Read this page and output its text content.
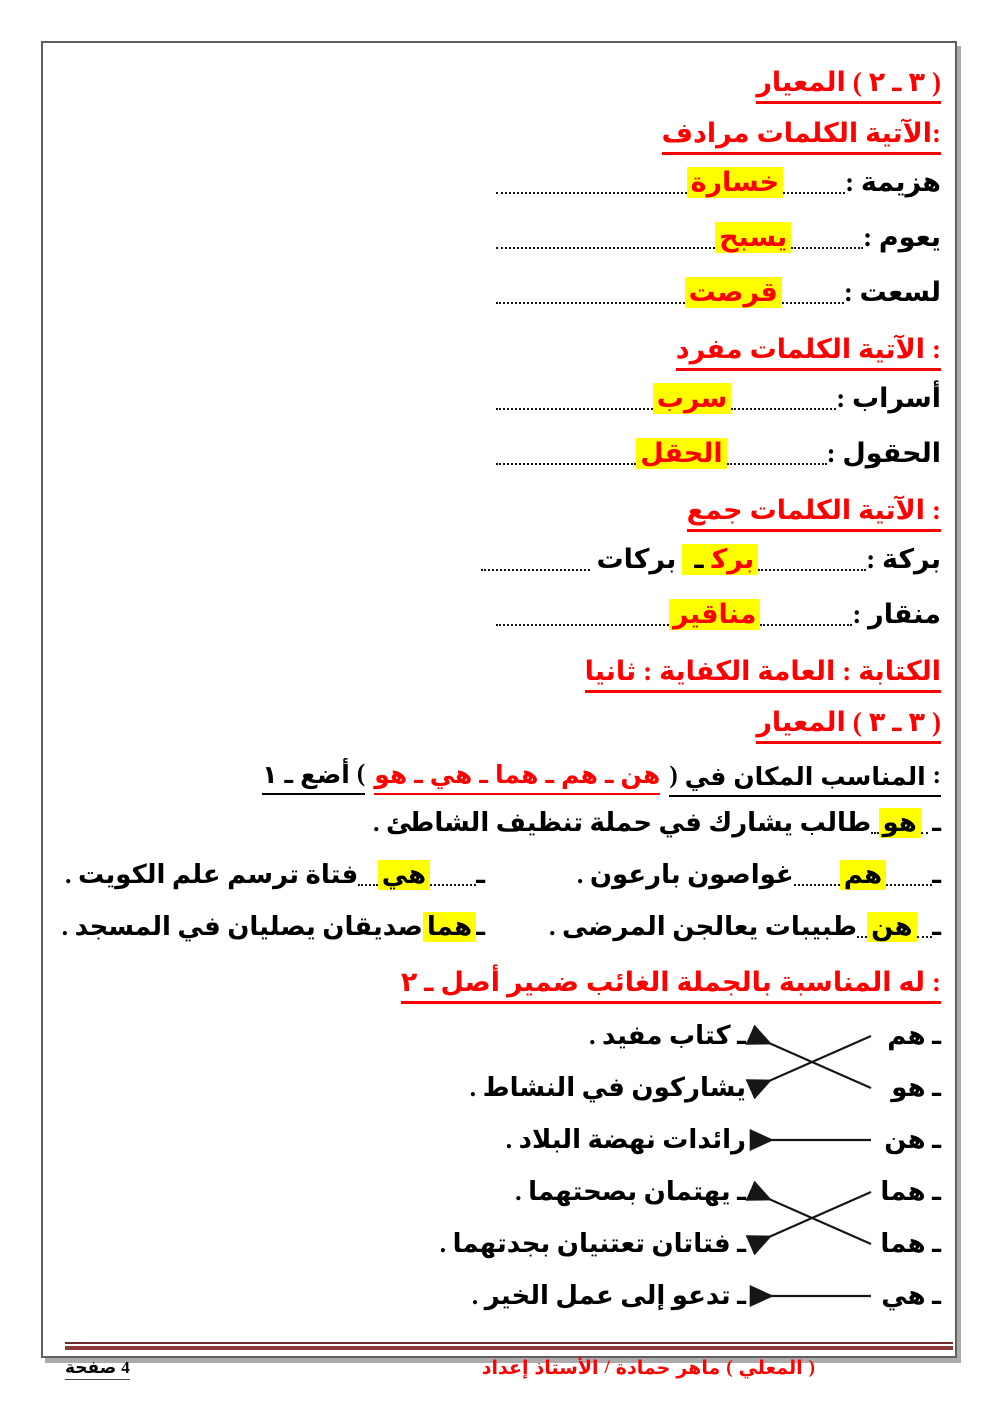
المعيار ( ٢ ـ ٣ )
مرادف الكلمات الآتية:
هزيمة :
خسارة
يعوم :
يسبح
لسعت :
قرصت
مفرد الكلمات الآتية :
أسراب :
سرب
الحقول :
الحقل
جمع الكلمات الآتية :
بركة :
بركـ
بركات
منقار :
مناقير
ثانيا : الكفاية العامة : الكتابة
المعيار ( ٣ ـ ٣ )
١ ـ أضع ( هو ـ هي ـ هما ـ هم ـ هن ) في المكان المناسب :
ـ
هو
طالب يشارك في حملة تنظيف الشاطئ .
ـ
هم
غواصون بارعون .
ـ
هي
فتاة ترسم علم الكويت .
ـ
هن
طبيبات يعالجن المرضى .
ـ
هما
صديقان يصليان في المسجد .
٢ ـ أصل ضمير الغائب بالجملة المناسبة له :
ـ هم
ـ كتاب مفيد .
ـ هو
يشاركون في النشاط .
ـ هن
رائدات نهضة البلاد .
ـ هما
ـ يهتمان بصحتهما .
ـ هما
ـ فتاتان تعتنيان بجدتهما .
ـ هي
ـ تدعو إلى عمل الخير .
صفحة 4	إعداد الأستاذ / حمادة ماهر ( المعلي )
